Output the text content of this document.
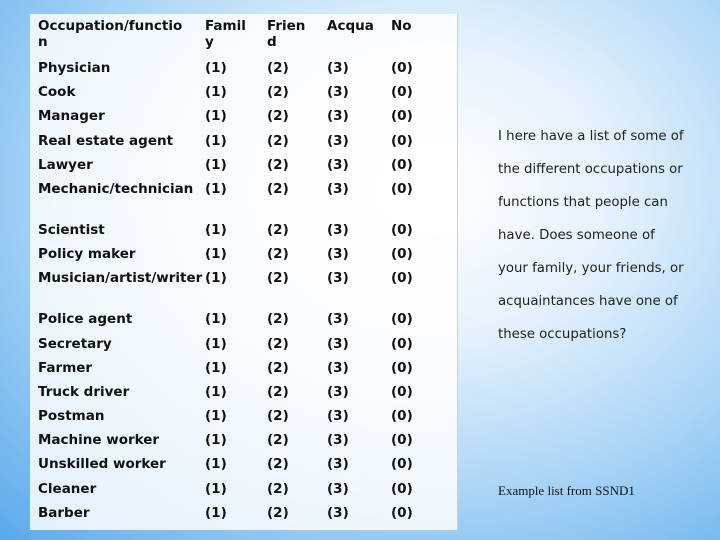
Occupation/function	Family	Friend	Acqua	No

Physician	(1)	(2)	(3)	(0)

Cook	(1)	(2)	(3)	(0)

Manager	(1)	(2)	(3)	(0)

Real estate agent	(1)	(2)	(3)	(0)

Lawyer	(1)	(2)	(3)	(0)

Mechanic/technician	(1)	(2)	(3)	(0)

Scientist	(1)	(2)	(3)	(0)

Policy maker	(1)	(2)	(3)	(0)

Musician/artist/writer	(1)	(2)	(3)	(0)

Police agent	(1)	(2)	(3)	(0)

Secretary	(1)	(2)	(3)	(0)

Farmer	(1)	(2)	(3)	(0)

Truck driver	(1)	(2)	(3)	(0)

Postman	(1)	(2)	(3)	(0)

Machine worker	(1)	(2)	(3)	(0)

Unskilled worker	(1)	(2)	(3)	(0)

Cleaner	(1)	(2)	(3)	(0)

Barber	(1)	(2)	(3)	(0)

I here have a list of some of

the different occupations or

functions that people can

have. Does someone of

your family, your friends, or

acquaintances have one of

these occupations?

Example list from SSND1
